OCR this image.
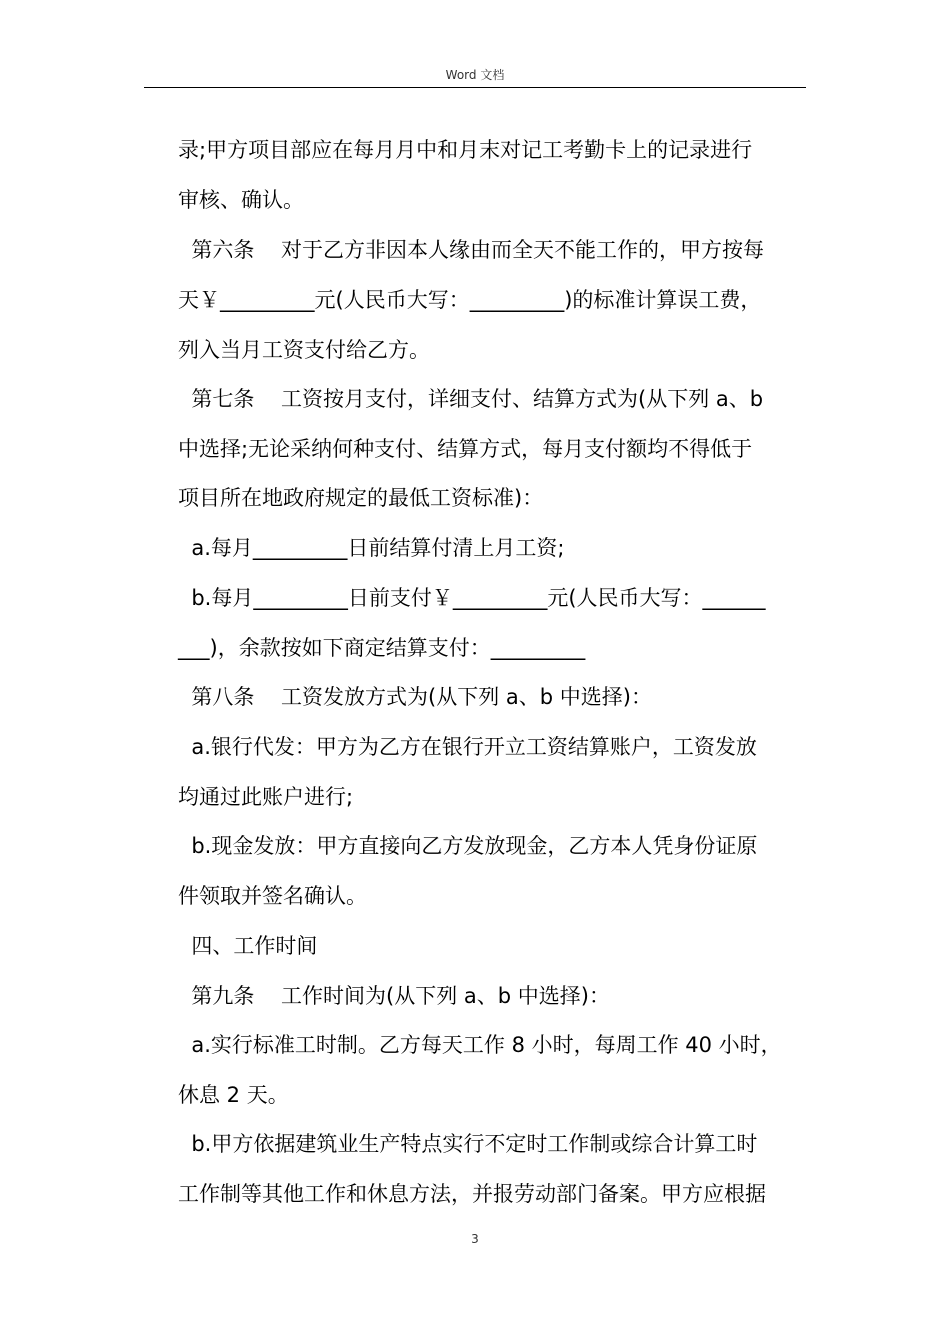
Word 文档
录;甲方项目部应在每月月中和月末对记工考勤卡上的记录进行
审核、确认。
第六条    对于乙方非因本人缘由而全天不能工作的，甲方按每
天￥_________元(人民币大写：_________)的标准计算误工费，
列入当月工资支付给乙方。
第七条    工资按月支付，详细支付、结算方式为(从下列 a、b
中选择;无论采纳何种支付、结算方式，每月支付额均不得低于
项目所在地政府规定的最低工资标准)：
a.每月_________日前结算付清上月工资;
b.每月_________日前支付￥_________元(人民币大写：______
___)，余款按如下商定结算支付：_________
第八条    工资发放方式为(从下列 a、b 中选择)：
a.银行代发：甲方为乙方在银行开立工资结算账户，工资发放
均通过此账户进行;
b.现金发放：甲方直接向乙方发放现金，乙方本人凭身份证原
件领取并签名确认。
四、工作时间
第九条    工作时间为(从下列 a、b 中选择)：
a.实行标准工时制。乙方每天工作 8 小时，每周工作 40 小时，
休息 2 天。
b.甲方依据建筑业生产特点实行不定时工作制或综合计算工时
工作制等其他工作和休息方法，并报劳动部门备案。甲方应根据
3
